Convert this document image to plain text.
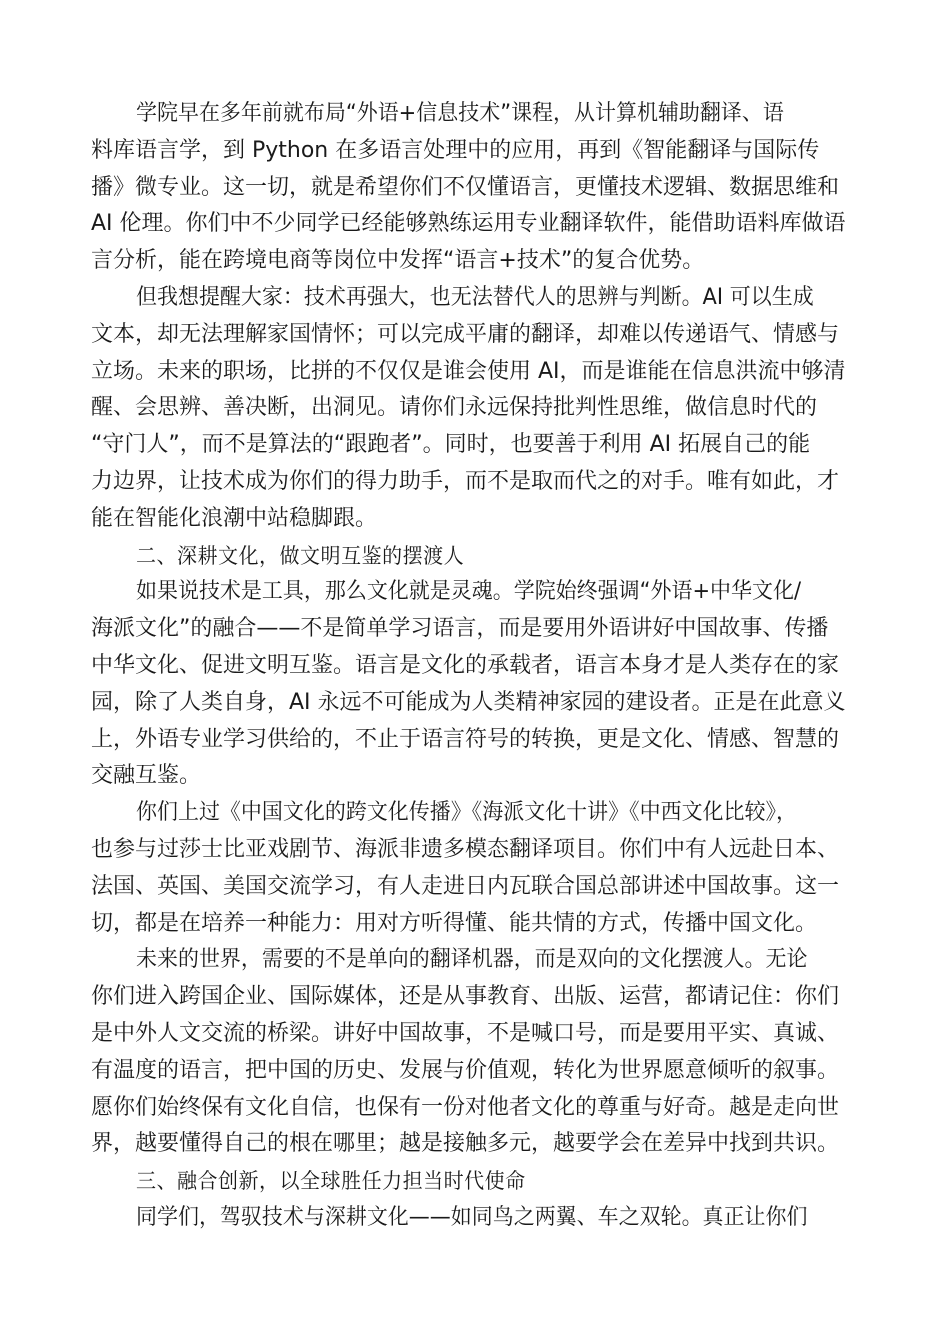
学院早在多年前就布局“外语+信息技术”课程，从计算机辅助翻译、语
料库语言学，到 Python 在多语言处理中的应用，再到《智能翻译与国际传
播》微专业。这一切，就是希望你们不仅懂语言，更懂技术逻辑、数据思维和
AI 伦理。你们中不少同学已经能够熟练运用专业翻译软件，能借助语料库做语
言分析，能在跨境电商等岗位中发挥“语言+技术”的复合优势。
但我想提醒大家：技术再强大，也无法替代人的思辨与判断。AI 可以生成
文本，却无法理解家国情怀；可以完成平庸的翻译，却难以传递语气、情感与
立场。未来的职场，比拼的不仅仅是谁会使用 AI，而是谁能在信息洪流中够清
醒、会思辨、善决断，出洞见。请你们永远保持批判性思维，做信息时代的
“守门人”，而不是算法的“跟跑者”。同时，也要善于利用 AI 拓展自己的能
力边界，让技术成为你们的得力助手，而不是取而代之的对手。唯有如此，才
能在智能化浪潮中站稳脚跟。
二、深耕文化，做文明互鉴的摆渡人
如果说技术是工具，那么文化就是灵魂。学院始终强调“外语+中华文化/
海派文化”的融合——不是简单学习语言，而是要用外语讲好中国故事、传播
中华文化、促进文明互鉴。语言是文化的承载者，语言本身才是人类存在的家
园，除了人类自身，AI 永远不可能成为人类精神家园的建设者。正是在此意义
上，外语专业学习供给的，不止于语言符号的转换，更是文化、情感、智慧的
交融互鉴。
你们上过《中国文化的跨文化传播》《海派文化十讲》《中西文化比较》，
也参与过莎士比亚戏剧节、海派非遗多模态翻译项目。你们中有人远赴日本、
法国、英国、美国交流学习，有人走进日内瓦联合国总部讲述中国故事。这一
切，都是在培养一种能力：用对方听得懂、能共情的方式，传播中国文化。
未来的世界，需要的不是单向的翻译机器，而是双向的文化摆渡人。无论
你们进入跨国企业、国际媒体，还是从事教育、出版、运营，都请记住：你们
是中外人文交流的桥梁。讲好中国故事，不是喊口号，而是要用平实、真诚、
有温度的语言，把中国的历史、发展与价值观，转化为世界愿意倾听的叙事。
愿你们始终保有文化自信，也保有一份对他者文化的尊重与好奇。越是走向世
界，越要懂得自己的根在哪里；越是接触多元，越要学会在差异中找到共识。
三、融合创新，以全球胜任力担当时代使命
同学们，驾驭技术与深耕文化——如同鸟之两翼、车之双轮。真正让你们
